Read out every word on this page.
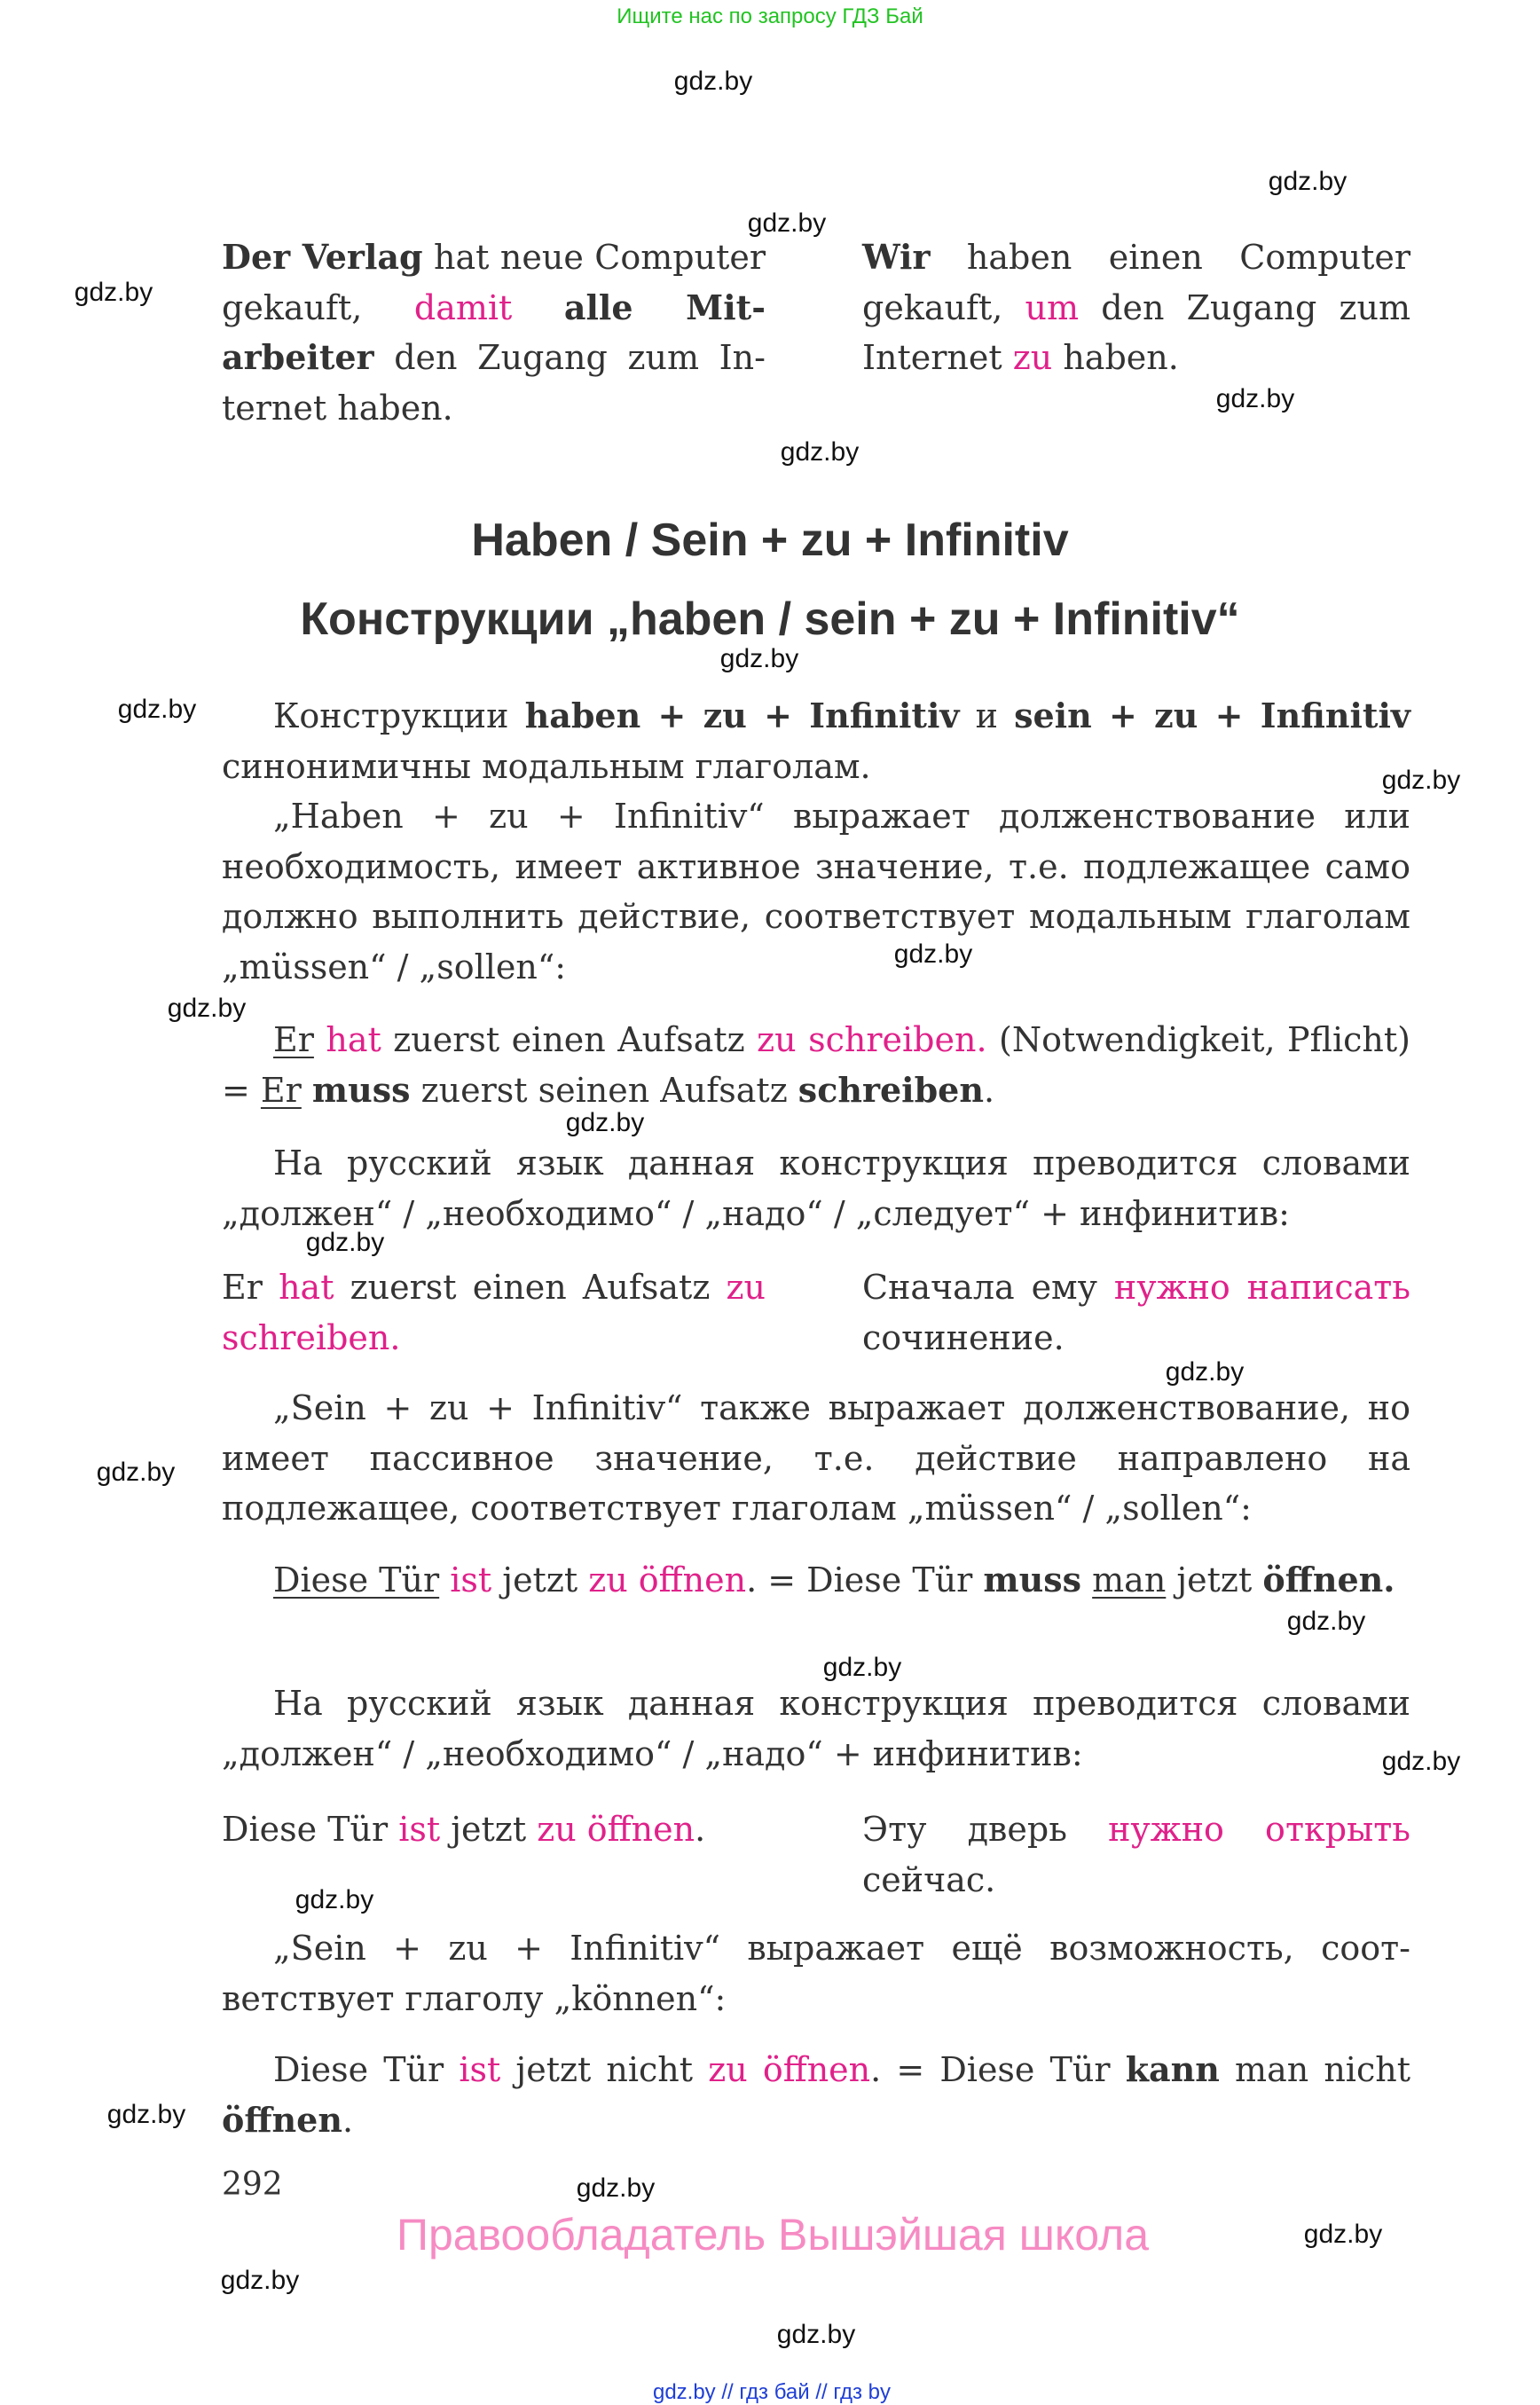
Ищите нас по запросу ГДЗ Бай
Der Verlag hat neue Computer gekauft, damit alle Mitarbeiter den Zugang zum Internet haben.
Wir haben einen Computer gekauft, um den Zugang zum Internet zu haben.
Haben / Sein + zu + Infinitiv
Конструкции „haben / sein + zu + Infinitiv“
Конструкции haben + zu + Infinitiv и sein + zu + Infinitiv синонимичны модальным глаголам.
„Haben + zu + Infinitiv“ выражает долженствование или необходимость, имеет активное значение, т.е. подлежащее само должно выполнить действие, соответствует модальным глаголам „müssen“ / „sollen“:
Er hat zuerst einen Aufsatz zu schreiben. (Notwendigkeit, Pflicht) = Er muss zuerst seinen Aufsatz schreiben.
На русский язык данная конструкция преводится словами „должен“ / „необходимо“ / „надо“ / „следует“ + инфинитив:
Er hat zuerst einen Aufsatz zu schreiben.
Сначала ему нужно написать сочинение.
„Sein + zu + Infinitiv“ также выражает долженствование, но имеет пассивное значение, т.е. действие направлено на подлежащее, соответствует глаголам „müssen“ / „sollen“:
Diese Tür ist jetzt zu öffnen. = Diese Tür muss man jetzt öffnen.
На русский язык данная конструкция преводится словами „должен“ / „необходимо“ / „надо“ + инфинитив:
Diese Tür ist jetzt zu öffnen.	Эту дверь нужно открыть сейчас.
„Sein + zu + Infinitiv“ выражает ещё возможность, соответствует глаголу „können“:
Diese Tür ist jetzt nicht zu öffnen. = Diese Tür kann man nicht öffnen.
292
Правообладатель Вышэйшая школа
gdz.by // гдз бай // гдз by
gdz.by
gdz.by
gdz.by
gdz.by
gdz.by
gdz.by
gdz.by
gdz.by
gdz.by
gdz.by
gdz.by
gdz.by
gdz.by
gdz.by
gdz.by
gdz.by
gdz.by
gdz.by
gdz.by
gdz.by
gdz.by
gdz.by
gdz.by
gdz.by
